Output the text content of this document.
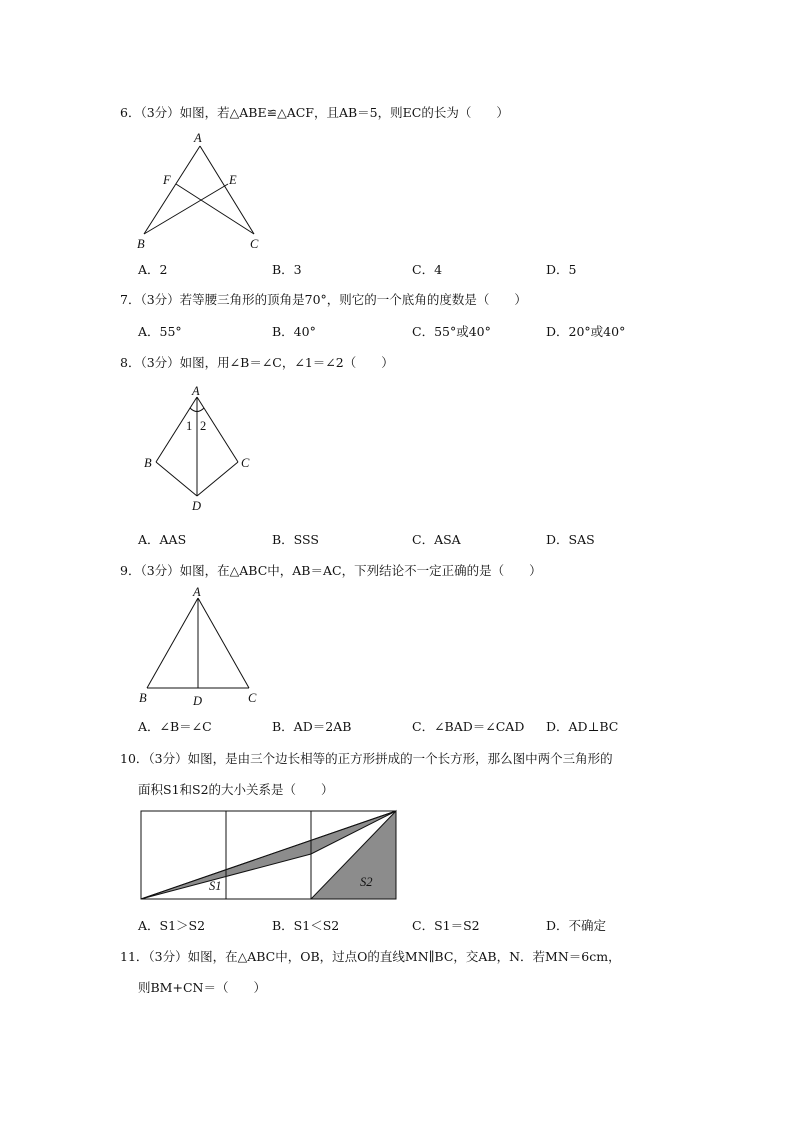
6．（3分）如图，若△ABE≌△ACF，且AB＝5，则EC的长为（　　）
A
F	E
B	C
A．2	B．3	C．4	D．5
7．（3分）若等腰三角形的顶角是70°，则它的一个底角的度数是（　　）
A．55°	B．40°	C．55°或40°	D．20°或40°
8．（3分）如图，用∠B＝∠C，∠1＝∠2（　　）
A
1 2
B	C
D
A．AAS	B．SSS	C．ASA	D．SAS
9．（3分）如图，在△ABC中，AB＝AC，下列结论不一定正确的是（　　）
A
B	D	C
A．∠B＝∠C	B．AD＝2AB	C．∠BAD＝∠CAD D．AD⊥BC
10．（3分）如图，是由三个边长相等的正方形拼成的一个长方形，那么图中两个三角形的
面积S1和S2的大小关系是（　　）
S1	S2
A．S1＞S2	B．S1＜S2	C．S1＝S2	D．不确定
11．（3分）如图，在△ABC中，OB，过点O的直线MN∥BC，交AB，N．若MN＝6cm，
则BM+CN＝（　　）
